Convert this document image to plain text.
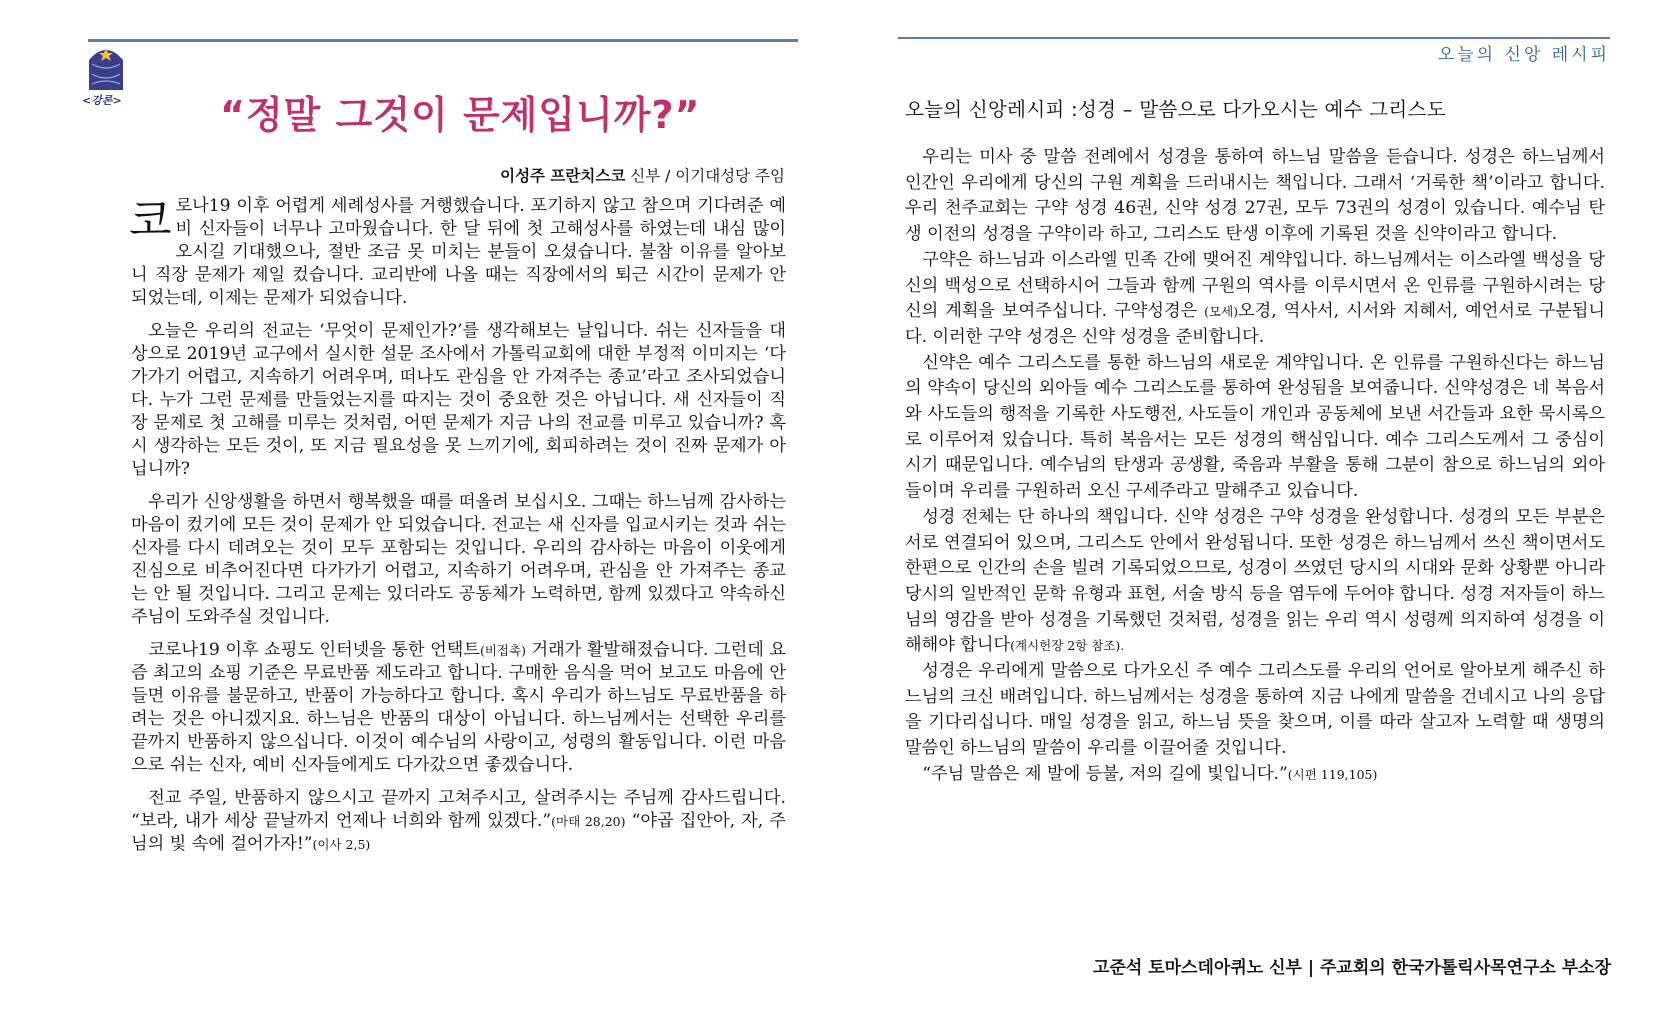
<강론>	“정말 그것이 문제입니까?”
이성주 프란치스코 신부 / 이기대성당 주임

코로나19 이후 어렵게 세례성사를 거행했습니다. 포기하지 않고 참으며 기다려준 예비 신자들이 너무나 고마웠습니다. 한 달 뒤에 첫 고해성사를 하였는데 내심 많이 오시길 기대했으나, 절반 조금 못 미치는 분들이 오셨습니다. 불참 이유를 알아보니 직장 문제가 제일 컸습니다. 교리반에 나올 때는 직장에서의 퇴근 시간이 문제가 안 되었는데, 이제는 문제가 되었습니다.

오늘은 우리의 전교는 ‘무엇이 문제인가?’를 생각해보는 날입니다. 쉬는 신자들을 대상으로 2019년 교구에서 실시한 설문 조사에서 가톨릭교회에 대한 부정적 이미지는 ‘다가가기 어렵고, 지속하기 어려우며, 떠나도 관심을 안 가져주는 종교’라고 조사되었습니다. 누가 그런 문제를 만들었는지를 따지는 것이 중요한 것은 아닙니다. 새 신자들이 직장 문제로 첫 고해를 미루는 것처럼, 어떤 문제가 지금 나의 전교를 미루고 있습니까? 혹시 생각하는 모든 것이, 또 지금 필요성을 못 느끼기에, 회피하려는 것이 진짜 문제가 아닙니까?

우리가 신앙생활을 하면서 행복했을 때를 떠올려 보십시오. 그때는 하느님께 감사하는 마음이 컸기에 모든 것이 문제가 안 되었습니다. 전교는 새 신자를 입교시키는 것과 쉬는 신자를 다시 데려오는 것이 모두 포함되는 것입니다. 우리의 감사하는 마음이 이웃에게 진심으로 비추어진다면 다가가기 어렵고, 지속하기 어려우며, 관심을 안 가져주는 종교는 안 될 것입니다. 그리고 문제는 있더라도 공동체가 노력하면, 함께 있겠다고 약속하신 주님이 도와주실 것입니다.

코로나19 이후 쇼핑도 인터넷을 통한 언택트(비접촉) 거래가 활발해졌습니다. 그런데 요즘 최고의 쇼핑 기준은 무료반품 제도라고 합니다. 구매한 음식을 먹어 보고도 마음에 안 들면 이유를 불문하고, 반품이 가능하다고 합니다. 혹시 우리가 하느님도 무료반품을 하려는 것은 아니겠지요. 하느님은 반품의 대상이 아닙니다. 하느님께서는 선택한 우리를 끝까지 반품하지 않으십니다. 이것이 예수님의 사랑이고, 성령의 활동입니다. 이런 마음으로 쉬는 신자, 예비 신자들에게도 다가갔으면 좋겠습니다.

전교 주일, 반품하지 않으시고 끝까지 고쳐주시고, 살려주시는 주님께 감사드립니다. “보라, 내가 세상 끝날까지 언제나 너희와 함께 있겠다.”(마태 28,20) “야곱 집안아, 자, 주님의 빛 속에 걸어가자!”(이사 2,5)

오늘의 신앙 레시피
오늘의 신앙레시피 :성경 – 말씀으로 다가오시는 예수 그리스도

우리는 미사 중 말씀 전례에서 성경을 통하여 하느님 말씀을 듣습니다. 성경은 하느님께서 인간인 우리에게 당신의 구원 계획을 드러내시는 책입니다. 그래서 ‘거룩한 책’이라고 합니다. 우리 천주교회는 구약 성경 46권, 신약 성경 27권, 모두 73권의 성경이 있습니다. 예수님 탄생 이전의 성경을 구약이라 하고, 그리스도 탄생 이후에 기록된 것을 신약이라고 합니다.

구약은 하느님과 이스라엘 민족 간에 맺어진 계약입니다. 하느님께서는 이스라엘 백성을 당신의 백성으로 선택하시어 그들과 함께 구원의 역사를 이루시면서 온 인류를 구원하시려는 당신의 계획을 보여주십니다. 구약성경은 (모세)오경, 역사서, 시서와 지혜서, 예언서로 구분됩니다. 이러한 구약 성경은 신약 성경을 준비합니다.

신약은 예수 그리스도를 통한 하느님의 새로운 계약입니다. 온 인류를 구원하신다는 하느님의 약속이 당신의 외아들 예수 그리스도를 통하여 완성됨을 보여줍니다. 신약성경은 네 복음서와 사도들의 행적을 기록한 사도행전, 사도들이 개인과 공동체에 보낸 서간들과 요한 묵시록으로 이루어져 있습니다. 특히 복음서는 모든 성경의 핵심입니다. 예수 그리스도께서 그 중심이시기 때문입니다. 예수님의 탄생과 공생활, 죽음과 부활을 통해 그분이 참으로 하느님의 외아들이며 우리를 구원하러 오신 구세주라고 말해주고 있습니다.

성경 전체는 단 하나의 책입니다. 신약 성경은 구약 성경을 완성합니다. 성경의 모든 부분은 서로 연결되어 있으며, 그리스도 안에서 완성됩니다. 또한 성경은 하느님께서 쓰신 책이면서도 한편으로 인간의 손을 빌려 기록되었으므로, 성경이 쓰였던 당시의 시대와 문화 상황뿐 아니라 당시의 일반적인 문학 유형과 표현, 서술 방식 등을 염두에 두어야 합니다. 성경 저자들이 하느님의 영감을 받아 성경을 기록했던 것처럼, 성경을 읽는 우리 역시 성령께 의지하여 성경을 이해해야 합니다(계시헌장 2항 참조).

성경은 우리에게 말씀으로 다가오신 주 예수 그리스도를 우리의 언어로 알아보게 해주신 하느님의 크신 배려입니다. 하느님께서는 성경을 통하여 지금 나에게 말씀을 건네시고 나의 응답을 기다리십니다. 매일 성경을 읽고, 하느님 뜻을 찾으며, 이를 따라 살고자 노력할 때 생명의 말씀인 하느님의 말씀이 우리를 이끌어줄 것입니다.

“주님 말씀은 제 발에 등불, 저의 길에 빛입니다.”(시편 119,105)

고준석 토마스데아퀴노 신부 | 주교회의 한국가톨릭사목연구소 부소장
